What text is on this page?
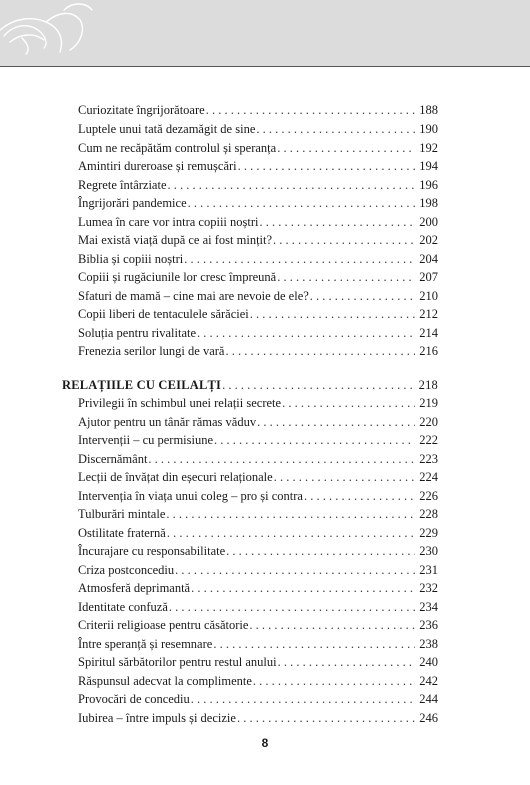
Curiozitate îngrijorătoare . . .	188
Luptele unui tată dezamăgit de sine . . .	190
Cum ne recăpătăm controlul și speranța . . .	192
Amintiri dureroase și remușcări . . .	194
Regrete întârziate . . .	196
Îngrijorări pandemice . . .	198
Lumea în care vor intra copiii noștri . . .	200
Mai există viață după ce ai fost mințit? . . .	202
Biblia și copiii noștri . . .	204
Copiii și rugăciunile lor cresc împreună . . .	207
Sfaturi de mamă – cine mai are nevoie de ele? . . .	210
Copii liberi de tentaculele sărăciei . . .	212
Soluția pentru rivalitate . . .	214
Frenezia serilor lungi de vară . . .	216
RELAȚIILE CU CEILALȚI . . .	218
Privilegii în schimbul unei relații secrete . . .	219
Ajutor pentru un tânăr rămas văduv . . .	220
Intervenții – cu permisiune . . .	222
Discernământ . . .	223
Lecții de învățat din eșecuri relaționale . . .	224
Intervenția în viața unui coleg – pro și contra . . .	226
Tulburări mintale . . .	228
Ostilitate fraternă . . .	229
Încurajare cu responsabilitate . . .	230
Criza postconcediu . . .	231
Atmosferă deprimantă . . .	232
Identitate confuză . . .	234
Criterii religioase pentru căsătorie . . .	236
Între speranță și resemnare . . .	238
Spiritul sărbătorilor pentru restul anului . . .	240
Răspunsul adecvat la complimente . . .	242
Provocări de concediu . . .	244
Iubirea – între impuls și decizie . . .	246
8
